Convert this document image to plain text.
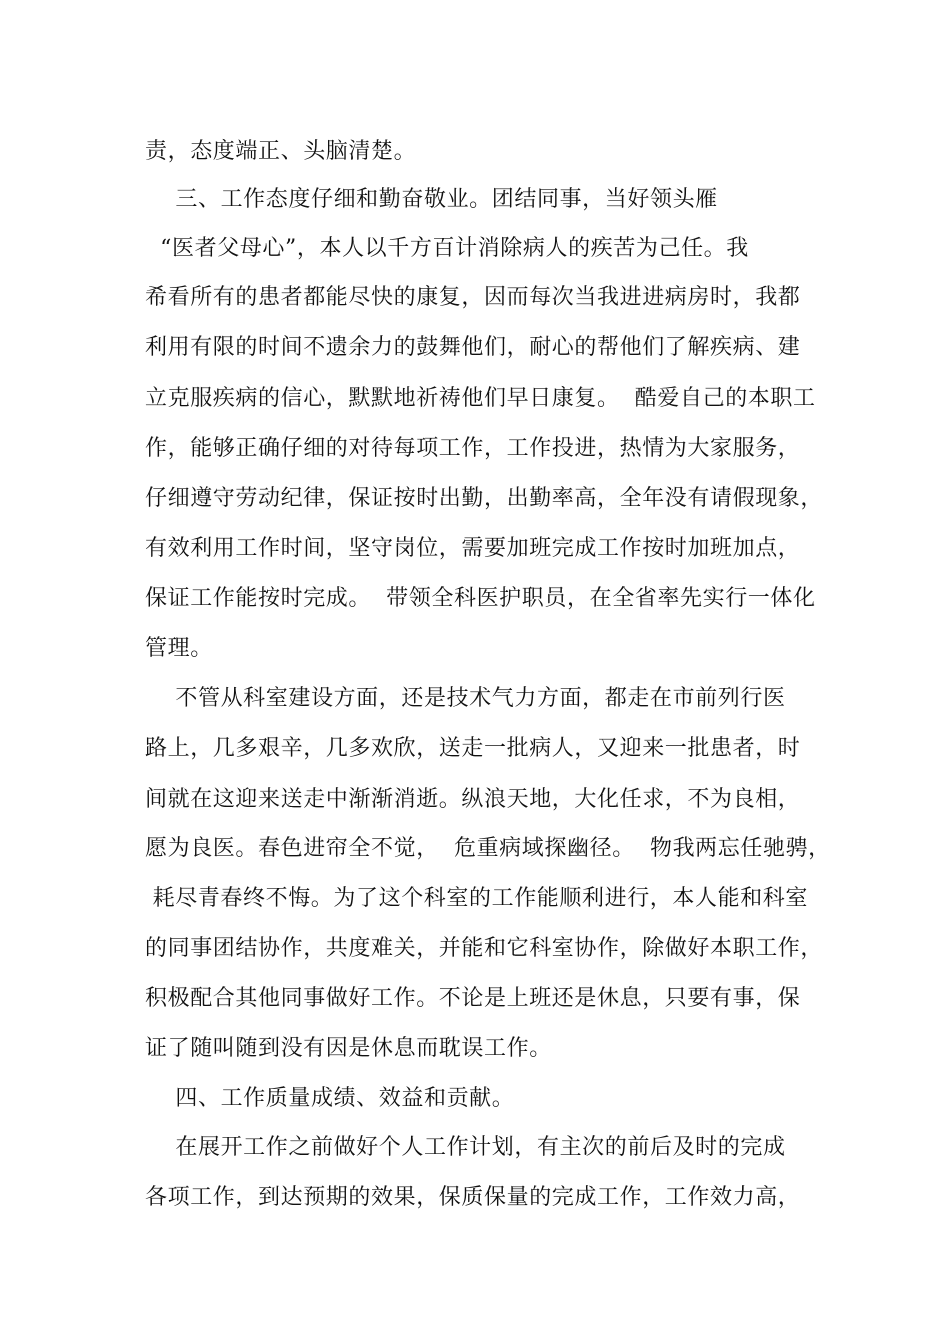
责，态度端正、头脑清楚。
三、工作态度仔细和勤奋敬业。团结同事，当好领头雁
“医者父母心”，本人以千方百计消除病人的疾苦为己任。我
希看所有的患者都能尽快的康复，因而每次当我进进病房时，我都
利用有限的时间不遗余力的鼓舞他们，耐心的帮他们了解疾病、建
立克服疾病的信心，默默地祈祷他们早日康复。  酷爱自己的本职工
作，能够正确仔细的对待每项工作，工作投进，热情为大家服务，
仔细遵守劳动纪律，保证按时出勤，出勤率高，全年没有请假现象，
有效利用工作时间，坚守岗位，需要加班完成工作按时加班加点，
保证工作能按时完成。  带领全科医护职员，在全省率先实行一体化
管理。
不管从科室建设方面，还是技术气力方面，都走在市前列行医
路上，几多艰辛，几多欢欣，送走一批病人，又迎来一批患者，时
间就在这迎来送走中渐渐消逝。纵浪天地，大化任求，不为良相，
愿为良医。春色进帘全不觉，  危重病域探幽径。  物我两忘任驰骋，
耗尽青春终不悔。为了这个科室的工作能顺利进行，本人能和科室
的同事团结协作，共度难关，并能和它科室协作，除做好本职工作，
积极配合其他同事做好工作。不论是上班还是休息，只要有事，保
证了随叫随到没有因是休息而耽误工作。
四、工作质量成绩、效益和贡献。
在展开工作之前做好个人工作计划，有主次的前后及时的完成
各项工作，到达预期的效果，保质保量的完成工作，工作效力高，
